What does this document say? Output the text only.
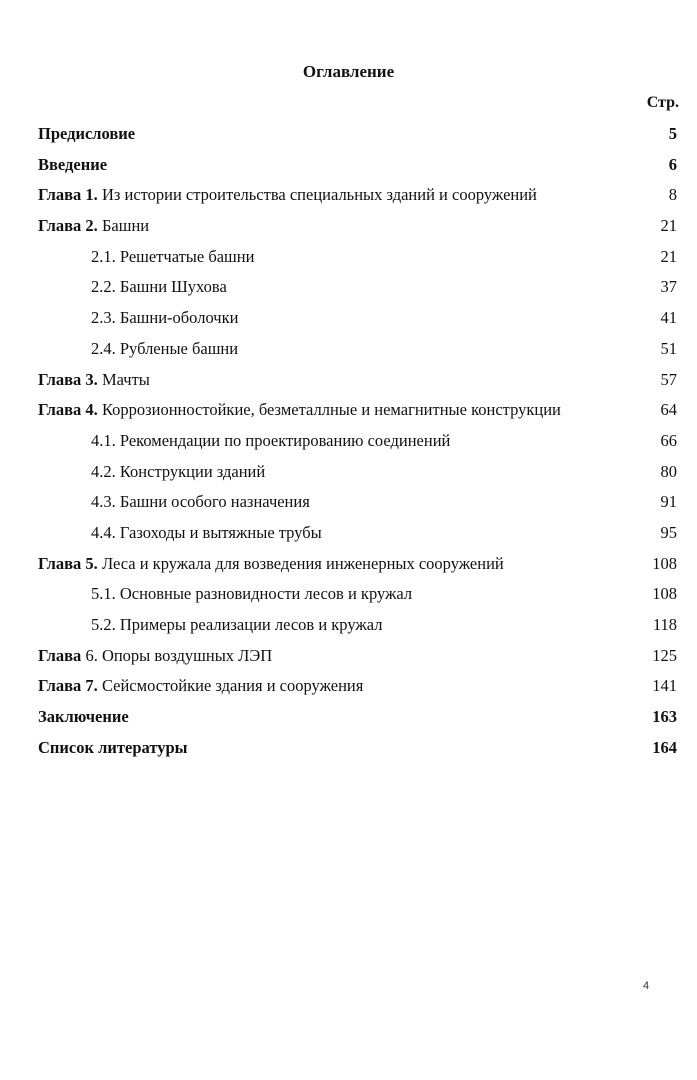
Оглавление
Стр.
Предисловие	5
Введение	6
Глава 1. Из истории строительства специальных зданий и сооружений	8
Глава 2. Башни	21
2.1. Решетчатые башни	21
2.2. Башни Шухова	37
2.3. Башни-оболочки	41
2.4. Рубленые башни	51
Глава 3. Мачты	57
Глава 4. Коррозионностойкие, безметаллные и немагнитные конструкции	64
4.1. Рекомендации по проектированию соединений	66
4.2. Конструкции зданий	80
4.3. Башни особого назначения	91
4.4. Газоходы и вытяжные трубы	95
Глава 5. Леса и кружала для возведения инженерных сооружений	108
5.1. Основные разновидности лесов и кружал	108
5.2. Примеры реализации лесов и кружал	118
Глава 6. Опоры воздушных ЛЭП	125
Глава 7. Сейсмостойкие здания и сооружения	141
Заключение	163
Список литературы	164
4
